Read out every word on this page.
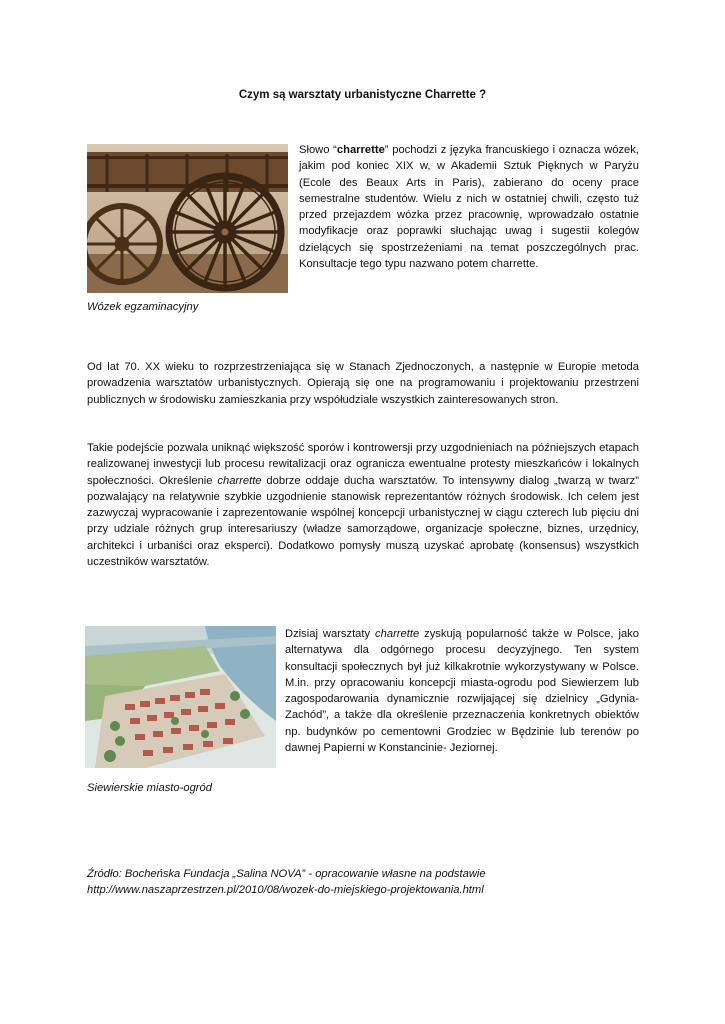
Czym są warsztaty urbanistyczne Charrette ?

Słowo “charrette” pochodzi z języka francuskiego i oznacza wózek, jakim pod koniec XIX w, w Akademii Sztuk Pięknych w Paryżu (Ecole des Beaux Arts in Paris), zabierano do oceny prace semestralne studentów. Wielu z nich w ostatniej chwili, często tuż przed przejazdem wózka przez pracownię, wprowadzało ostatnie modyfikacje oraz poprawki słuchając uwag i sugestii kolegów dzielących się spostrzeżeniami na temat poszczególnych prac. Konsultacje tego typu nazwano potem charrette.

Wózek egzaminacyjny

Od lat 70. XX wieku to rozprzestrzeniająca się w Stanach Zjednoczonych, a następnie w Europie metoda prowadzenia warsztatów urbanistycznych. Opierają się one na programowaniu i projektowaniu przestrzeni publicznych w środowisku zamieszkania przy współudziale wszystkich zainteresowanych stron.

Takie podejście pozwala uniknąć większość sporów i kontrowersji przy uzgodnieniach na późniejszych etapach realizowanej inwestycji lub procesu rewitalizacji oraz ogranicza ewentualne protesty mieszkańców i lokalnych społeczności. Określenie charrette dobrze oddaje ducha warsztatów. To intensywny dialog „twarzą w twarz” pozwalający na relatywnie szybkie uzgodnienie stanowisk reprezentantów różnych środowisk. Ich celem jest zazwyczaj wypracowanie i zaprezentowanie wspólnej koncepcji urbanistycznej w ciągu czterech lub pięciu dni przy udziale różnych grup interesariuszy (władze samorządowe, organizacje społeczne, biznes, urzędnicy, architekci i urbaniści oraz eksperci). Dodatkowo pomysły muszą uzyskać aprobatę (konsensus) wszystkich uczestników warsztatów.

Dzisiaj warsztaty charrette zyskują popularność także w Polsce, jako alternatywa dla odgórnego procesu decyzyjnego. Ten system konsultacji społecznych był już kilkakrotnie wykorzystywany w Polsce. M.in. przy opracowaniu koncepcji miasta-ogrodu pod Siewierzem lub zagospodarowania dynamicznie rozwijającej się dzielnicy „Gdynia- Zachód”, a także dla określenie przeznaczenia konkretnych obiektów np. budynków po cementowni Grodziec w Będzinie lub terenów po dawnej Papierni w Konstancinie- Jeziornej.

Siewierskie miasto-ogród

Źródło: Bocheńska Fundacja „Salina NOVA” - opracowanie własne na podstawie
http://www.naszaprzestrzen.pl/2010/08/wozek-do-miejskiego-projektowania.html
